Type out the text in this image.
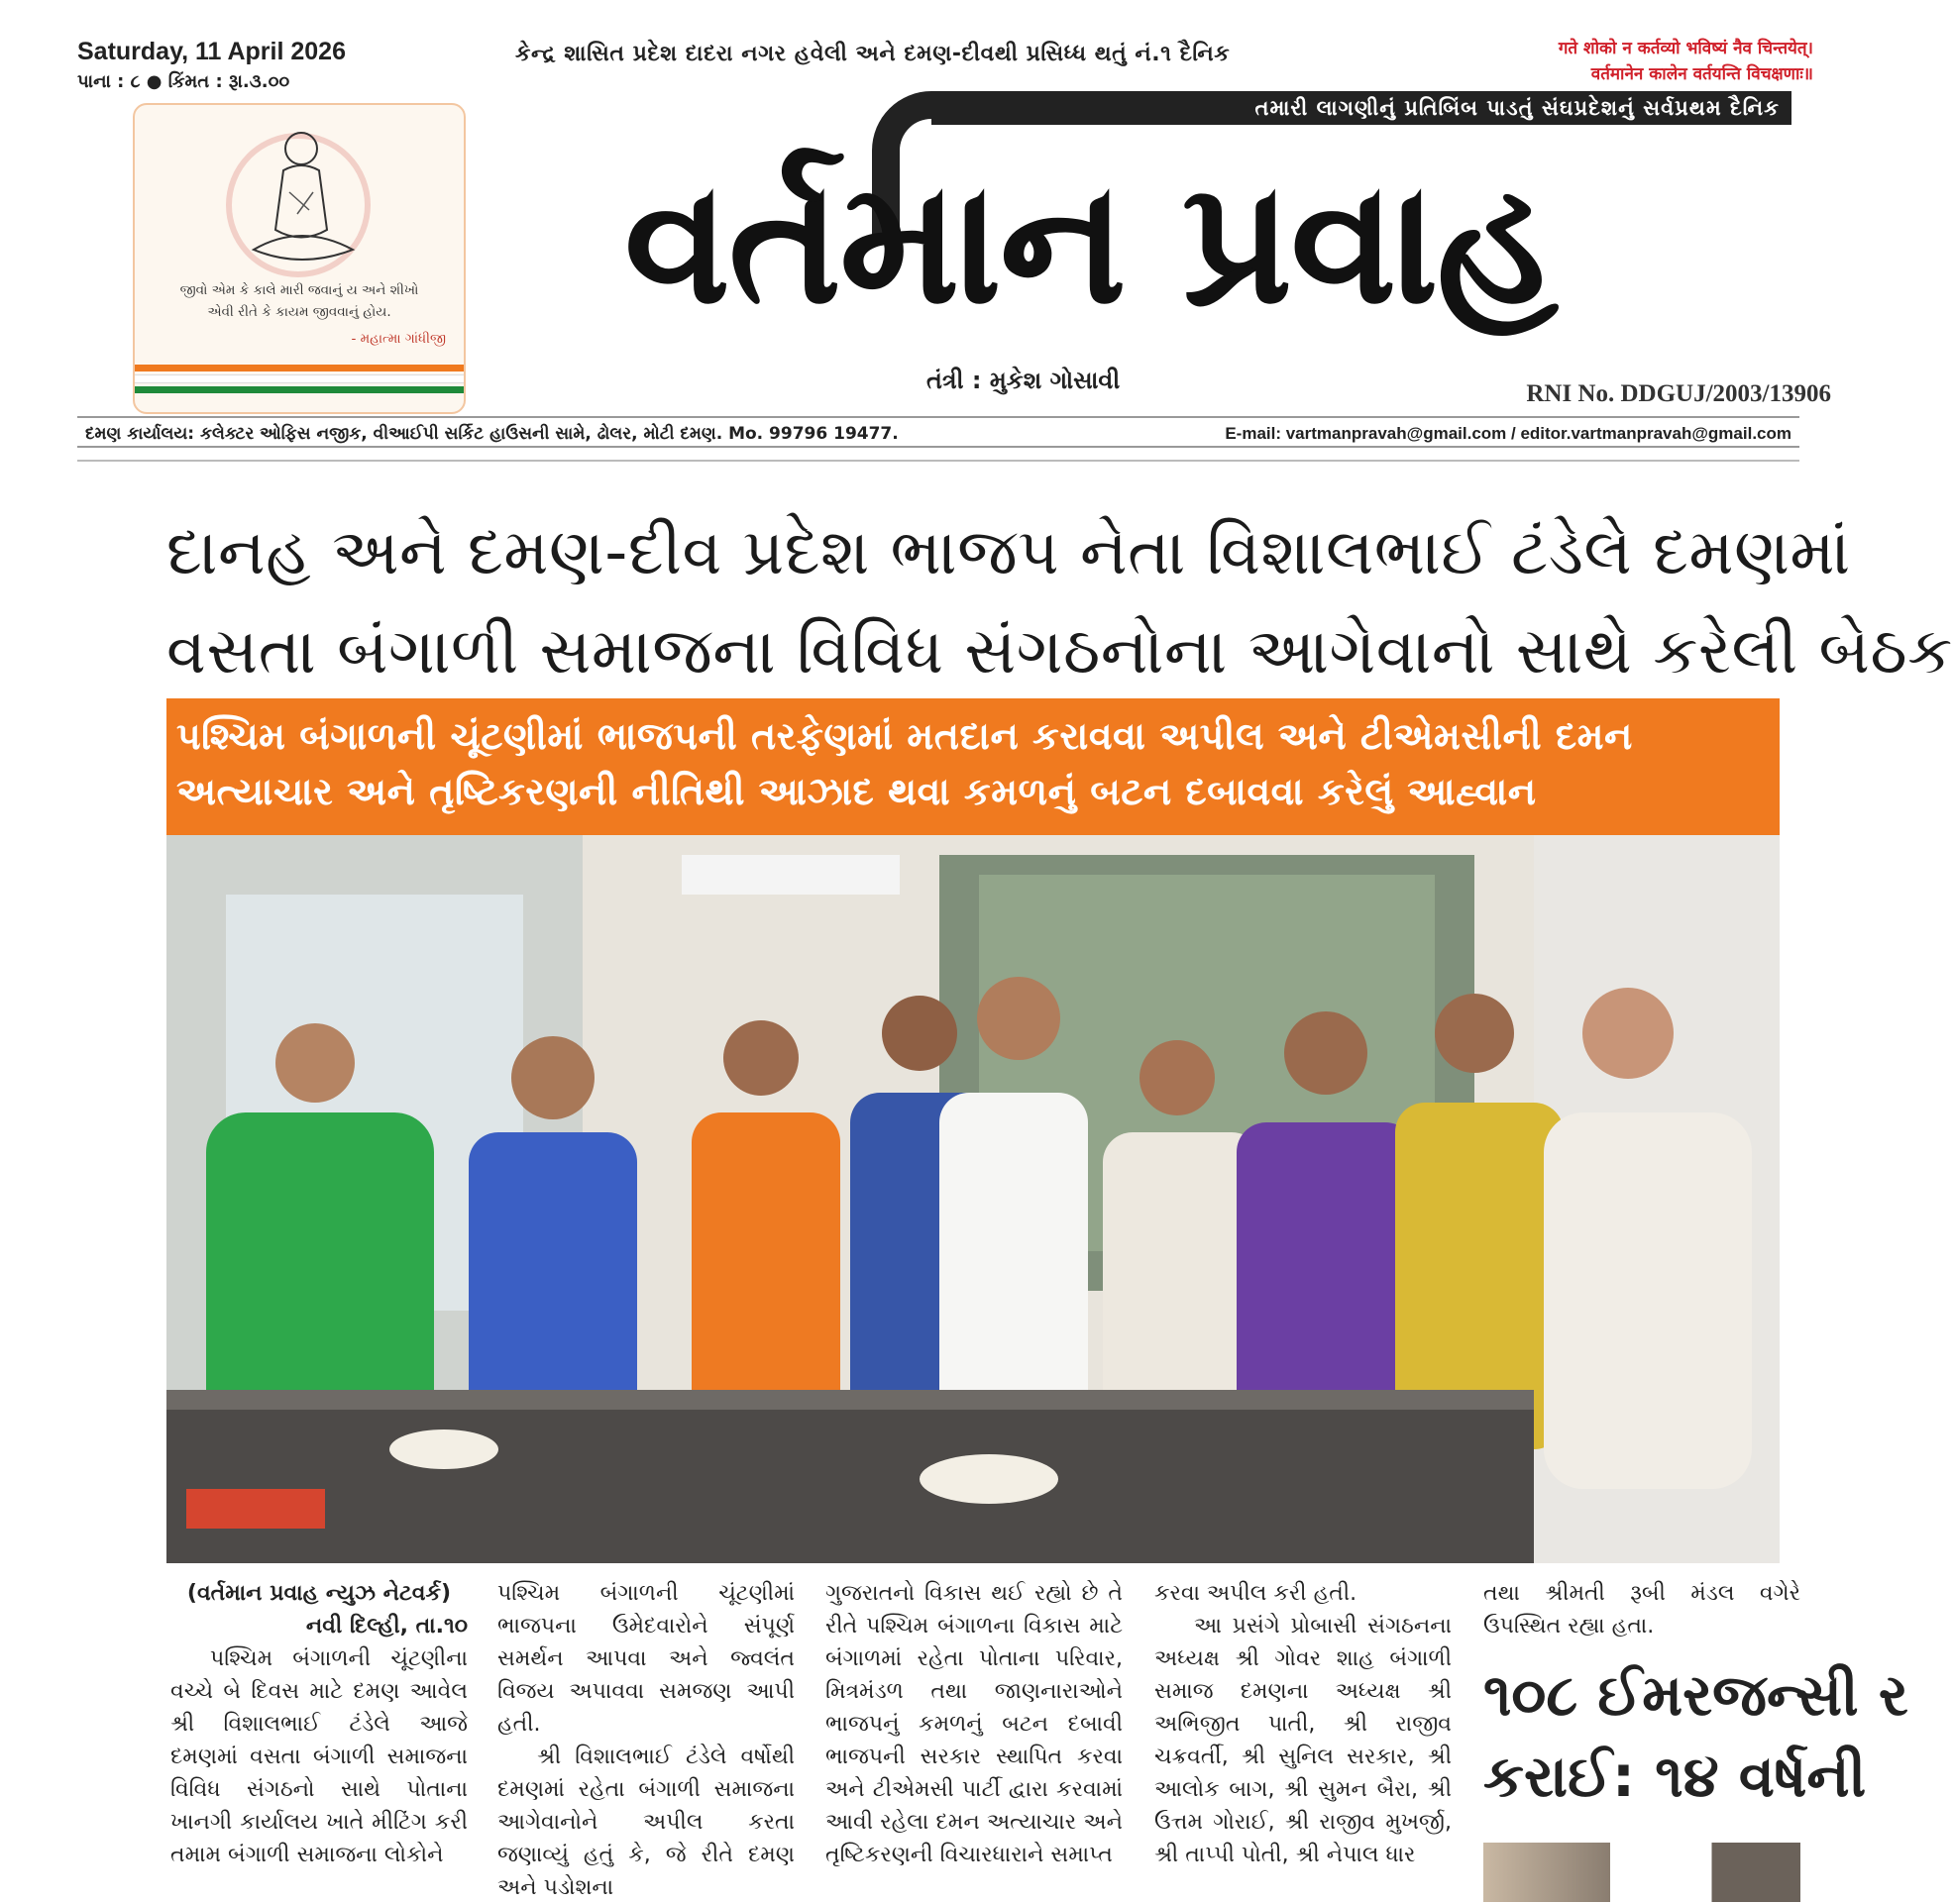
Saturday, 11 April 2026
પાના : ૮ ● કિંમત : રૂા.૩.૦૦
કેન્દ્ર શાસિત પ્રદેશ દાદરા નગર હવેલી અને દમણ-દીવથી પ્રસિધ્ધ થતું નં.૧ દૈનિક	गते शोको न कर्तव्यो भविष्यं नैव चिन्तयेत्।
वर्तमानेन कालेन वर्तयन्ति विचक्षणाः॥
જીવો એમ કે કાલે મારી જવાનું ય અને શીખો
એવી રીતે કે કાયમ જીવવાનું હોય.
- મહાત્મા ગાંધીજી
તમારી લાગણીનું પ્રતિબિંબ પાડતું સંઘપ્રદેશનું સર્વપ્રથમ દૈનિક
વર્તમાન પ્રવાહ
તંત્રી : મુકેશ ગોસાવી	RNI No. DDGUJ/2003/13906
દમણ કાર્યાલય: કલેક્ટર ઓફિસ નજીક, વીઆઈપી સર્કિટ હાઉસની સામે, ઢોલર, મોટી દમણ. Mo. 99796 19477.	E-mail: vartmanpravah@gmail.com / editor.vartmanpravah@gmail.com
દાનહ અને દમણ-દીવ પ્રદેશ ભાજપ નેતા વિશાલભાઈ ટંડેલે દમણમાં
વસતા બંગાળી સમાજના વિવિધ સંગઠનોના આગેવાનો સાથે કરેલી બેઠક
પશ્ચિમ બંગાળની ચૂંટણીમાં ભાજપની તરફેણમાં મતદાન કરાવવા અપીલ અને ટીએમસીની દમન
અત્યાચાર અને તૃષ્ટિકરણની નીતિથી આઝાદ થવા કમળનું બટન દબાવવા કરેલું આહ્વાન

(વર્તમાન પ્રવાહ ન્યુઝ નેટવર્ક)

નવી દિલ્હી, તા.૧૦

પશ્ચિમ બંગાળની ચૂંટણીના વચ્ચે બે દિવસ માટે દમણ આવેલ શ્રી વિશાલભાઈ ટંડેલે આજે દમણમાં વસતા બંગાળી સમાજના વિવિધ સંગઠનો સાથે પોતાના ખાનગી કાર્યાલય ખાતે મીટિંગ કરી તમામ બંગાળી સમાજના લોકોને

પશ્ચિમ બંગાળની ચૂંટણીમાં ભાજપના ઉમેદવારોને સંપૂર્ણ સમર્થન આપવા અને જ્વલંત વિજય અપાવવા સમજણ આપી હતી.

શ્રી વિશાલભાઈ ટંડેલે વર્ષોથી દમણમાં રહેતા બંગાળી સમાજના આગેવાનોને અપીલ કરતા જણાવ્યું હતું કે, જે રીતે દમણ અને પડોશના

ગુજરાતનો વિકાસ થઈ રહ્યો છે તે રીતે પશ્ચિમ બંગાળના વિકાસ માટે બંગાળમાં રહેતા પોતાના પરિવાર, મિત્રમંડળ તથા જાણનારાઓને ભાજપનું કમળનું બટન દબાવી ભાજપની સરકાર સ્થાપિત કરવા અને ટીએમસી પાર્ટી દ્વારા કરવામાં આવી રહેલા દમન અત્યાચાર અને તૃષ્ટિકરણની વિચારધારાને સમાપ્ત

કરવા અપીલ કરી હતી.

આ પ્રસંગે પ્રોબાસી સંગઠનના અધ્યક્ષ શ્રી ગોવર શાહ બંગાળી સમાજ દમણના અધ્યક્ષ શ્રી અભિજીત પાતી, શ્રી રાજીવ ચક્રવર્તી, શ્રી સુનિલ સરકાર, શ્રી આલોક બાગ, શ્રી સુમન બૈરા, શ્રી ઉત્તમ ગોરાઈ, શ્રી રાજીવ મુખર્જી, શ્રી તાપ્પી પોતી, શ્રી નેપાલ ધાર

તથા શ્રીમતી રૂબી મંડલ વગેરે ઉપસ્થિત રહ્યા હતા.

૧૦૮ ઈમરજન્સી ર
કરાઈ: ૧૪ વર્ષની
